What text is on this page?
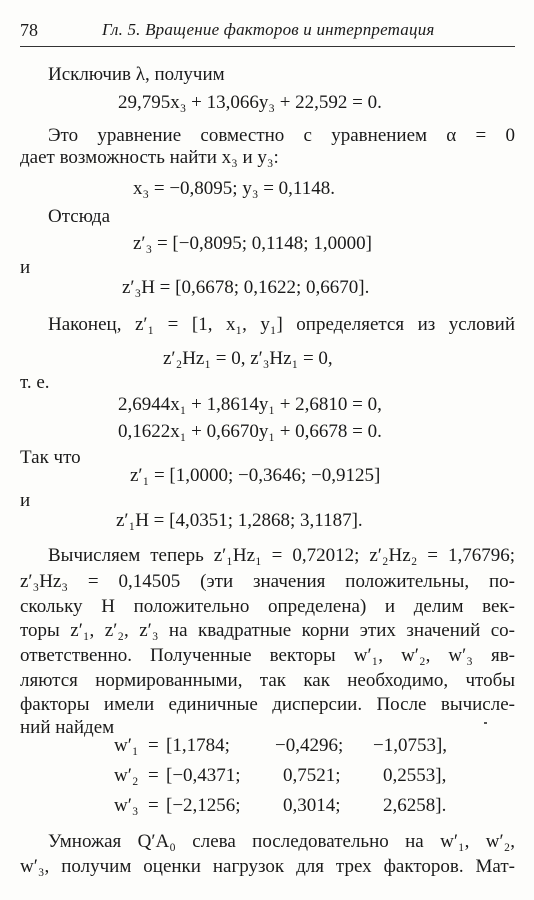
78	Гл. 5. Вращение факторов и интерпретация
Исключив λ, получим
29,795x₃ + 13,066y₃ + 22,592 = 0.
Это уравнение совместно с уравнением α = 0
дает возможность найти x₃ и y₃:
x₃ = −0,8095; y₃ = 0,1148.
Отсюда
z′₃ = [−0,8095; 0,1148; 1,0000]
и
z′₃H = [0,6678; 0,1622; 0,6670].
Наконец, z′₁ = [1, x₁, y₁] определяется из условий
z′₂Hz₁ = 0, z′₃Hz₁ = 0,
т. е.
2,6944x₁ + 1,8614y₁ + 2,6810 = 0,
0,1622x₁ + 0,6670y₁ + 0,6678 = 0.
Так что
z′₁ = [1,0000; −0,3646; −0,9125]
и
z′₁H = [4,0351; 1,2868; 3,1187].
Вычисляем теперь z′₁Hz₁ = 0,72012; z′₂Hz₂ = 1,76796;
z′₃Hz₃ = 0,14505 (эти значения положительны, по-
скольку H положительно определена) и делим век-
торы z′₁, z′₂, z′₃ на квадратные корни этих значений со-
ответственно. Полученные векторы w′₁, w′₂, w′₃ яв-
ляются нормированными, так как необходимо, чтобы
факторы имели единичные дисперсии. После вычисле-
ний найдем
w′₁ = [1,1784; −0,4296; −1,0753],
w′₂ = [−0,4371; 0,7521; 0,2553],
w′₃ = [−2,1256; 0,3014; 2,6258].
Умножая Q′A₀ слева последовательно на w′₁, w′₂,
w′₃, получим оценки нагрузок для трех факторов. Мат-
